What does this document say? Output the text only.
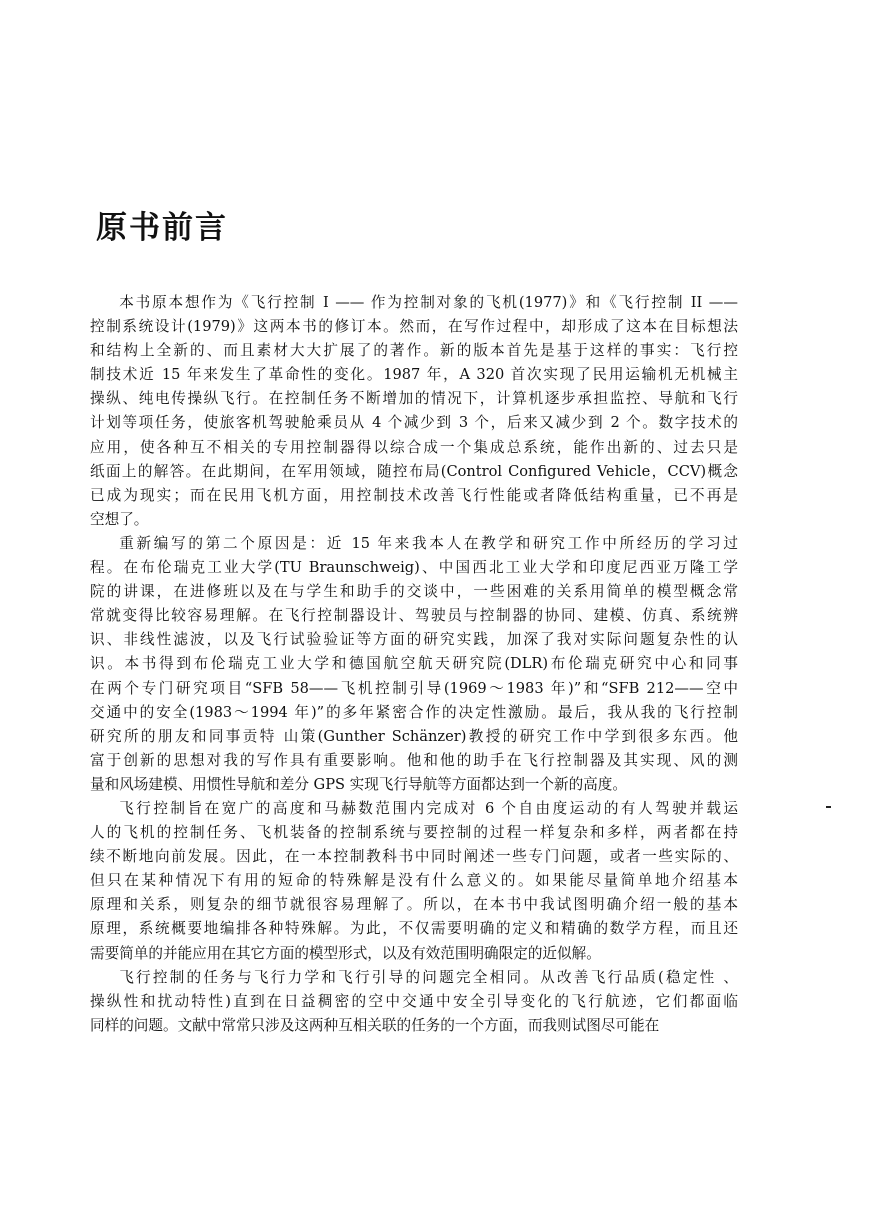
原书前言

本书原本想作为《飞行控制 I —— 作为控制对象的飞机(1977)》和《飞行控制 II ——
控制系统设计(1979)》这两本书的修订本。然而，在写作过程中，却形成了这本在目标想法
和结构上全新的、而且素材大大扩展了的著作。新的版本首先是基于这样的事实：飞行控
制技术近 15 年来发生了革命性的变化。1987 年，A 320 首次实现了民用运输机无机械主
操纵、纯电传操纵飞行。在控制任务不断增加的情况下，计算机逐步承担监控、导航和飞行
计划等项任务，使旅客机驾驶舱乘员从 4 个减少到 3 个，后来又减少到 2 个。数字技术的
应用，使各种互不相关的专用控制器得以综合成一个集成总系统，能作出新的、过去只是
纸面上的解答。在此期间，在军用领域，随控布局(Control Configured Vehicle，CCV)概念
已成为现实；而在民用飞机方面，用控制技术改善飞行性能或者降低结构重量，已不再是
空想了。

重新编写的第二个原因是：近 15 年来我本人在教学和研究工作中所经历的学习过
程。在布伦瑞克工业大学(TU Braunschweig)、中国西北工业大学和印度尼西亚万隆工学
院的讲课，在进修班以及在与学生和助手的交谈中，一些困难的关系用简单的模型概念常
常就变得比较容易理解。在飞行控制器设计、驾驶员与控制器的协同、建模、仿真、系统辨
识、非线性滤波，以及飞行试验验证等方面的研究实践，加深了我对实际问题复杂性的认
识。本书得到布伦瑞克工业大学和德国航空航天研究院(DLR)布伦瑞克研究中心和同事
在两个专门研究项目“SFB 58——飞机控制引导(1969～1983 年)”和“SFB 212——空中
交通中的安全(1983～1994 年)”的多年紧密合作的决定性激励。最后，我从我的飞行控制
研究所的朋友和同事贡特 山策(Gunther Schänzer)教授的研究工作中学到很多东西。他
富于创新的思想对我的写作具有重要影响。他和他的助手在飞行控制器及其实现、风的测
量和风场建模、用惯性导航和差分 GPS 实现飞行导航等方面都达到一个新的高度。

飞行控制旨在宽广的高度和马赫数范围内完成对 6 个自由度运动的有人驾驶并载运
人的飞机的控制任务、飞机装备的控制系统与要控制的过程一样复杂和多样，两者都在持
续不断地向前发展。因此，在一本控制教科书中同时阐述一些专门问题，或者一些实际的、
但只在某种情况下有用的短命的特殊解是没有什么意义的。如果能尽量简单地介绍基本
原理和关系，则复杂的细节就很容易理解了。所以，在本书中我试图明确介绍一般的基本
原理，系统概要地编排各种特殊解。为此，不仅需要明确的定义和精确的数学方程，而且还
需要简单的并能应用在其它方面的模型形式，以及有效范围明确限定的近似解。

飞行控制的任务与飞行力学和飞行引导的问题完全相同。从改善飞行品质(稳定性 、
操纵性和扰动特性)直到在日益稠密的空中交通中安全引导变化的飞行航迹，它们都面临
同样的问题。文献中常常只涉及这两种互相关联的任务的一个方面，而我则试图尽可能在
